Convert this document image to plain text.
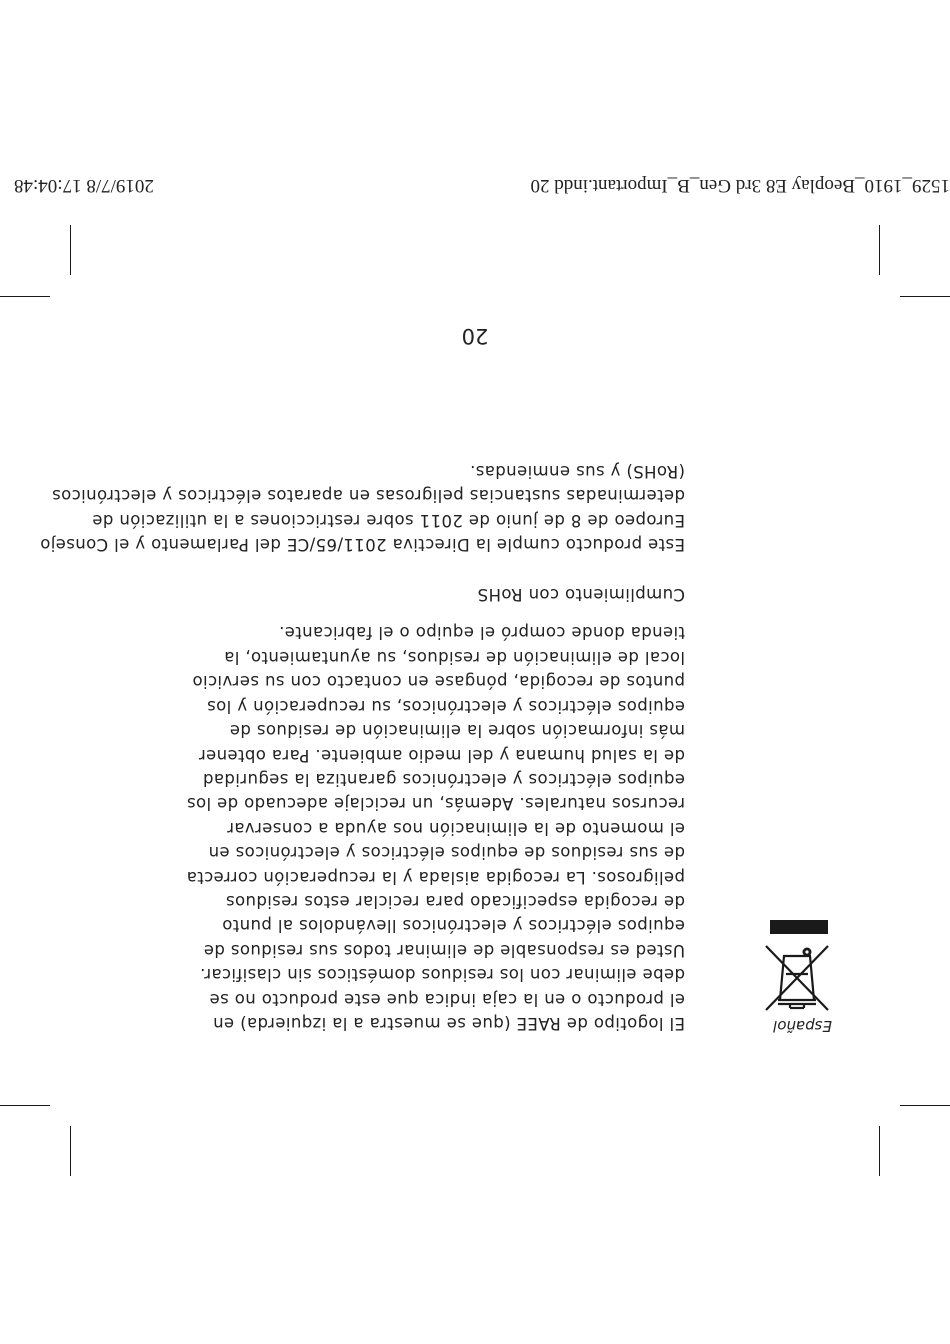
1529_1910_Beoplay E8 3rd Gen_B_Important.indd 20
2019/7/8 17:04:48
20
Español

El logotipo de RAEE (que se muestra a la izquierda) en

el producto o en la caja indica que este producto no se

debe eliminar con los residuos domésticos sin clasificar.

Usted es responsable de eliminar todos sus residuos de

equipos eléctricos y electrónicos llevándolos al punto

de recogida especificado para reciclar estos residuos

peligrosos. La recogida aislada y la recuperación correcta

de sus residuos de equipos eléctricos y electrónicos en

el momento de la eliminación nos ayuda a conservar

recursos naturales. Además, un reciclaje adecuado de los

equipos eléctricos y electrónicos garantiza la seguridad

de la salud humana y del medio ambiente. Para obtener

más información sobre la eliminación de residuos de

equipos eléctricos y electrónicos, su recuperación y los

puntos de recogida, póngase en contacto con su servicio

local de eliminación de residuos, su ayuntamiento, la

tienda donde compró el equipo o el fabricante.

Cumplimiento con RoHS

Este producto cumple la Directiva 2011/65/CE del Parlamento y el Consejo

Europeo de 8 de junio de 2011 sobre restricciones a la utilización de

determinadas sustancias peligrosas en aparatos eléctricos y electrónicos

(RoHS) y sus enmiendas.
